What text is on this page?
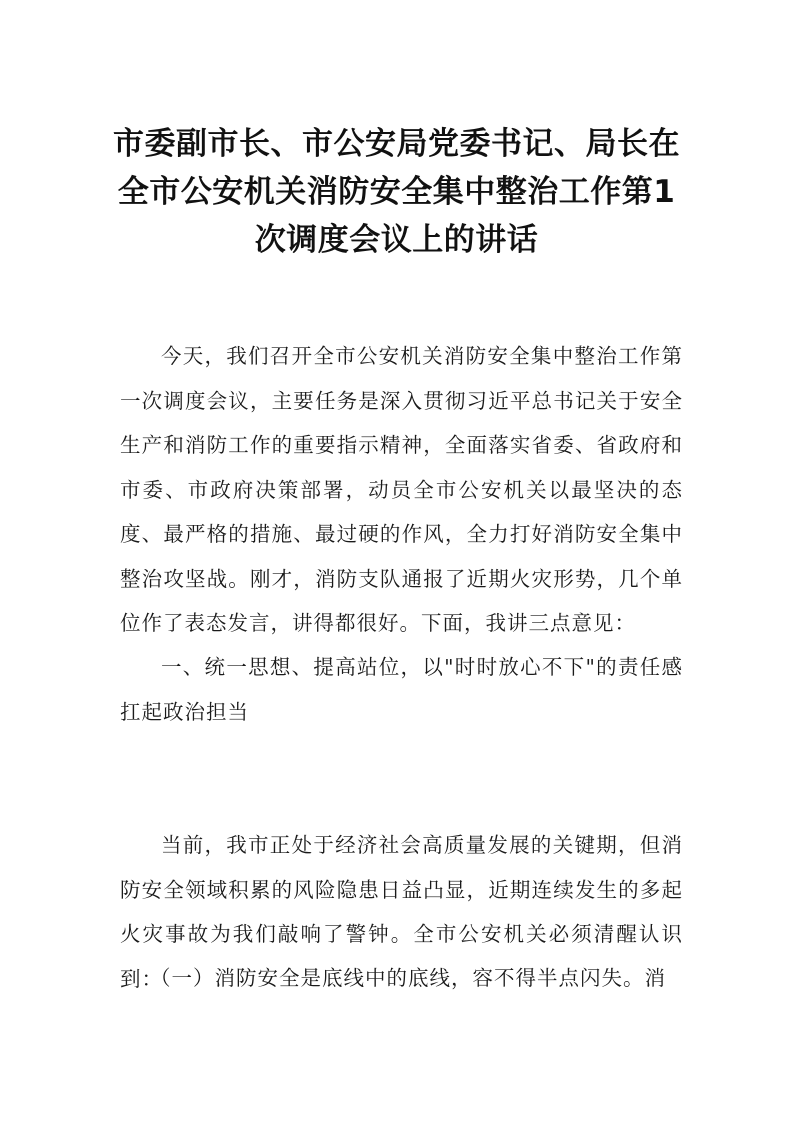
市委副市长、市公安局党委书记、局长在全市公安机关消防安全集中整治工作第1次调度会议上的讲话

今天，我们召开全市公安机关消防安全集中整治工作第一次调度会议，主要任务是深入贯彻习近平总书记关于安全生产和消防工作的重要指示精神，全面落实省委、省政府和市委、市政府决策部署，动员全市公安机关以最坚决的态度、最严格的措施、最过硬的作风，全力打好消防安全集中整治攻坚战。刚才，消防支队通报了近期火灾形势，几个单位作了表态发言，讲得都很好。下面，我讲三点意见：

一、统一思想、提高站位，以"时时放心不下"的责任感扛起政治担当

当前，我市正处于经济社会高质量发展的关键期，但消防安全领域积累的风险隐患日益凸显，近期连续发生的多起火灾事故为我们敲响了警钟。全市公安机关必须清醒认识到：

（一）消防安全是底线中的底线，容不得半点闪失。消
